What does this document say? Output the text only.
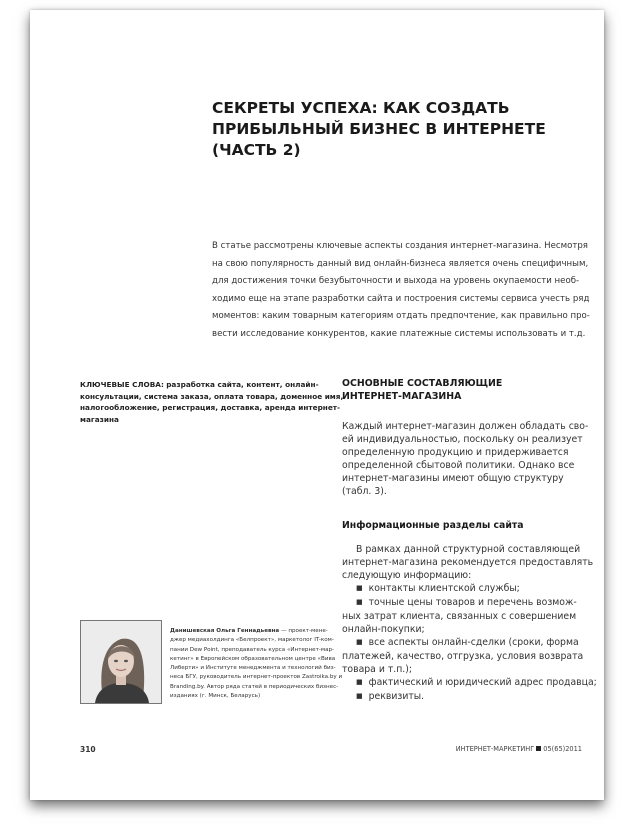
СЕКРЕТЫ УСПЕХА: КАК СОЗДАТЬ
ПРИБЫЛЬНЫЙ БИЗНЕС В ИНТЕРНЕТЕ
(ЧАСТЬ 2)
В статье рассмотрены ключевые аспекты создания интернет-магазина. Несмотря
на свою популярность данный вид онлайн-бизнеса является очень специфичным,
для достижения точки безубыточности и выхода на уровень окупаемости необ-
ходимо еще на этапе разработки сайта и построения системы сервиса учесть ряд
моментов: каким товарным категориям отдать предпочтение, как правильно про-
вести исследование конкурентов, какие платежные системы использовать и т.д.
КЛЮЧЕВЫЕ СЛОВА: разработка сайта, контент, онлайн-
консультации, система заказа, оплата товара, доменное имя,
налогообложение, регистрация, доставка, аренда интернет-
магазина
ОСНОВНЫЕ СОСТАВЛЯЮЩИЕ
ИНТЕРНЕТ-МАГАЗИНА
Каждый интернет-магазин должен обладать сво-
ей индивидуальностью, поскольку он реализует
определенную продукцию и придерживается
определенной сбытовой политики. Однако все
интернет-магазины имеют общую структуру
(табл. 3).
Информационные разделы сайта
В рамках данной структурной составляющей
интернет-магазина рекомендуется предоставлять
следующую информацию:
■ контакты клиентской службы;
■ точные цены товаров и перечень возмож-
ных затрат клиента, связанных с совершением
онлайн-покупки;
■ все аспекты онлайн-сделки (сроки, форма
платежей, качество, отгрузка, условия возврата
товара и т.п.);
■ фактический и юридический адрес продавца;
■ реквизиты.
Данишевская Ольга Геннадьевна — проект-мене-
джер медиахолдинга «Белпроект», маркетолог IT-ком-
пании Dew Point, преподаватель курса «Интернет-мар-
кетинг» в Европейском образовательном центре «Вива
Либерти» и Институте менеджмента и технологий биз-
неса БГУ, руководитель интернет-проектов Zastroika.by и
Branding.by. Автор ряда статей в периодических бизнес-
изданиях (г. Минск, Беларусь)
310	ИНТЕРНЕТ-МАРКЕТИНГ 05(65)2011
